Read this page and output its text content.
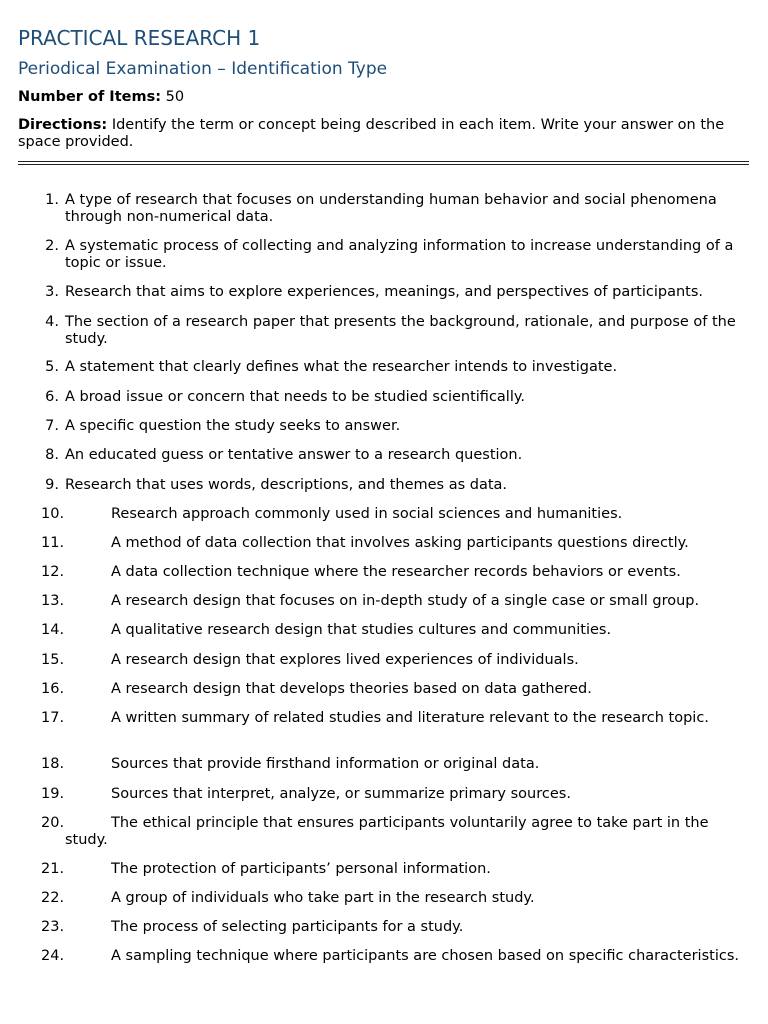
PRACTICAL RESEARCH 1
Periodical Examination – Identification Type
Number of Items: 50
Directions: Identify the term or concept being described in each item. Write your answer on the space provided.
1. A type of research that focuses on understanding human behavior and social phenomena through non-numerical data.
2. A systematic process of collecting and analyzing information to increase understanding of a topic or issue.
3. Research that aims to explore experiences, meanings, and perspectives of participants.
4. The section of a research paper that presents the background, rationale, and purpose of the study.
5. A statement that clearly defines what the researcher intends to investigate.
6. A broad issue or concern that needs to be studied scientifically.
7. A specific question the study seeks to answer.
8. An educated guess or tentative answer to a research question.
9. Research that uses words, descriptions, and themes as data.
10.	Research approach commonly used in social sciences and humanities.
11.	A method of data collection that involves asking participants questions directly.
12.	A data collection technique where the researcher records behaviors or events.
13.	A research design that focuses on in-depth study of a single case or small group.
14.	A qualitative research design that studies cultures and communities.
15.	A research design that explores lived experiences of individuals.
16.	A research design that develops theories based on data gathered.
17.	A written summary of related studies and literature relevant to the research topic.
18.	Sources that provide firsthand information or original data.
19.	Sources that interpret, analyze, or summarize primary sources.
20.	The ethical principle that ensures participants voluntarily agree to take part in the study.
21.	The protection of participants’ personal information.
22.	A group of individuals who take part in the research study.
23.	The process of selecting participants for a study.
24.	A sampling technique where participants are chosen based on specific characteristics.
